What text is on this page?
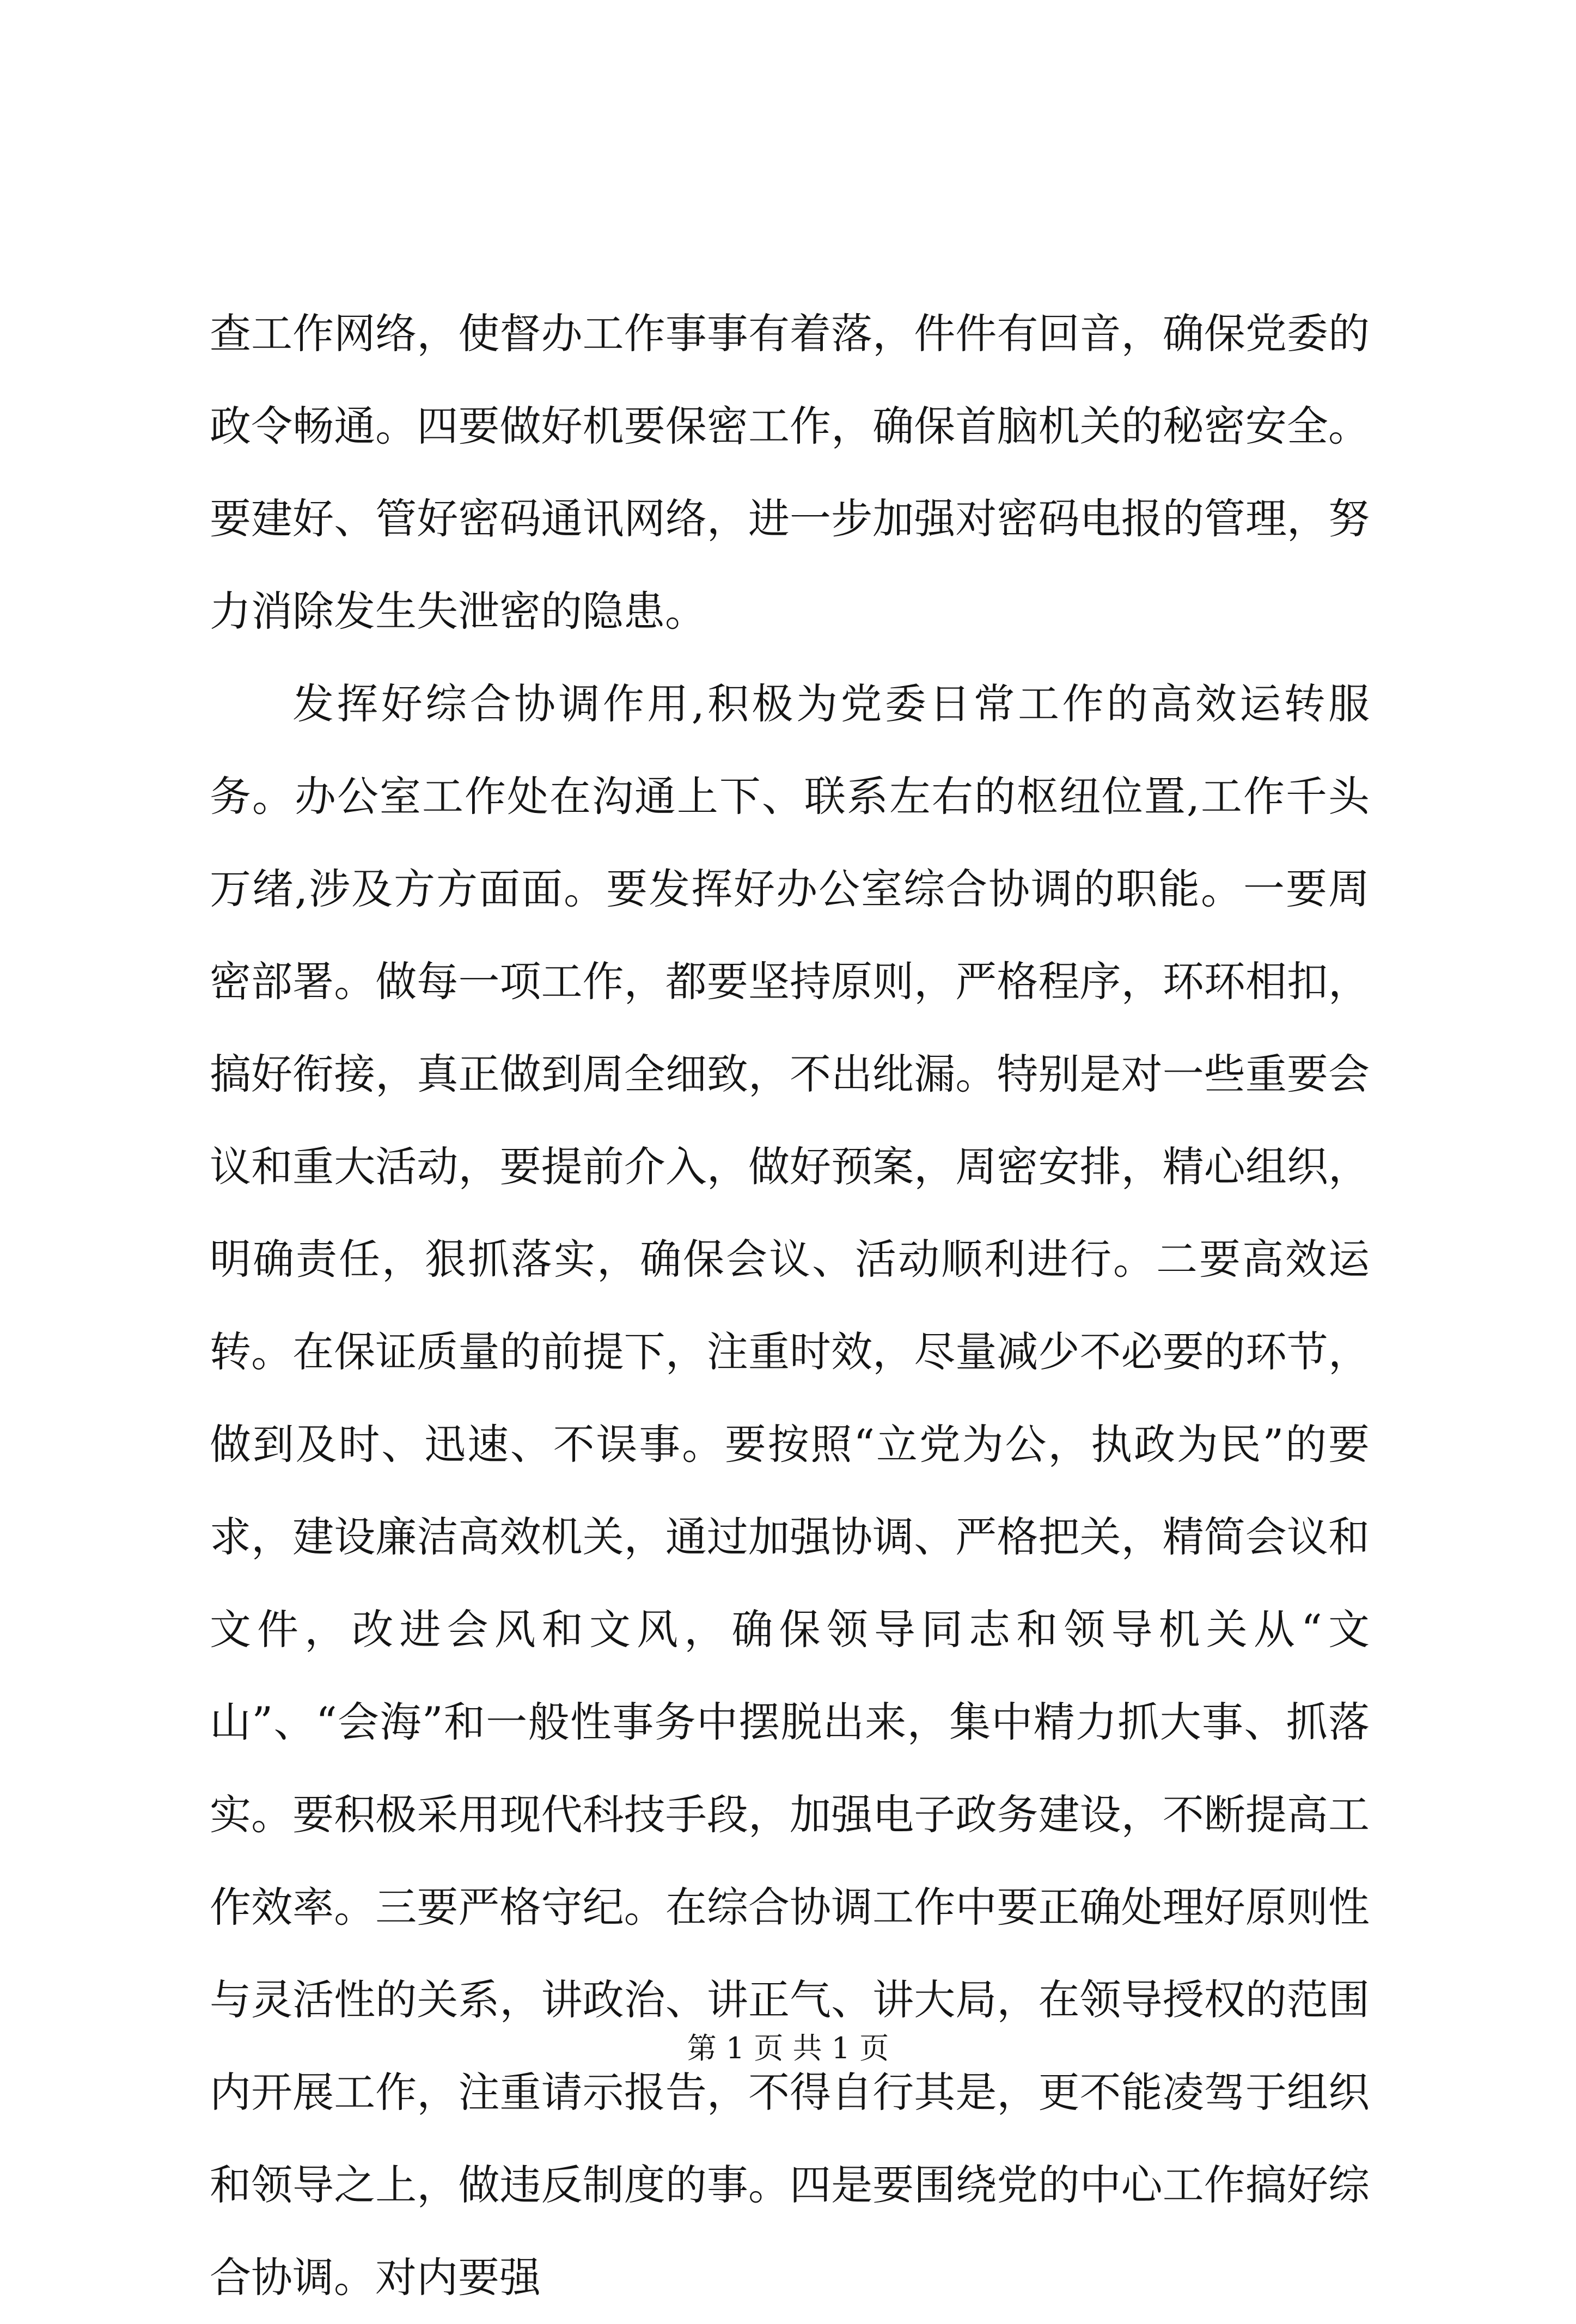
查工作网络，使督办工作事事有着落，件件有回音，确保党委的政令畅通。四要做好机要保密工作，确保首脑机关的秘密安全。要建好、管好密码通讯网络，进一步加强对密码电报的管理，努力消除发生失泄密的隐患。

发挥好综合协调作用,积极为党委日常工作的高效运转服务。办公室工作处在沟通上下、联系左右的枢纽位置,工作千头万绪,涉及方方面面。要发挥好办公室综合协调的职能。一要周密部署。做每一项工作，都要坚持原则，严格程序，环环相扣，搞好衔接，真正做到周全细致，不出纰漏。特别是对一些重要会议和重大活动，要提前介入，做好预案，周密安排，精心组织，明确责任，狠抓落实，确保会议、活动顺利进行。二要高效运转。在保证质量的前提下，注重时效，尽量减少不必要的环节，做到及时、迅速、不误事。要按照“立党为公，执政为民”的要求，建设廉洁高效机关，通过加强协调、严格把关，精简会议和文件，改进会风和文风，确保领导同志和领导机关从“文山”、“会海”和一般性事务中摆脱出来，集中精力抓大事、抓落实。要积极采用现代科技手段，加强电子政务建设，不断提高工作效率。三要严格守纪。在综合协调工作中要正确处理好原则性与灵活性的关系，讲政治、讲正气、讲大局，在领导授权的范围内开展工作，注重请示报告，不得自行其是，更不能凌驾于组织和领导之上，做违反制度的事。四是要围绕党的中心工作搞好综合协调。对内要强

第 1 页 共 1 页
